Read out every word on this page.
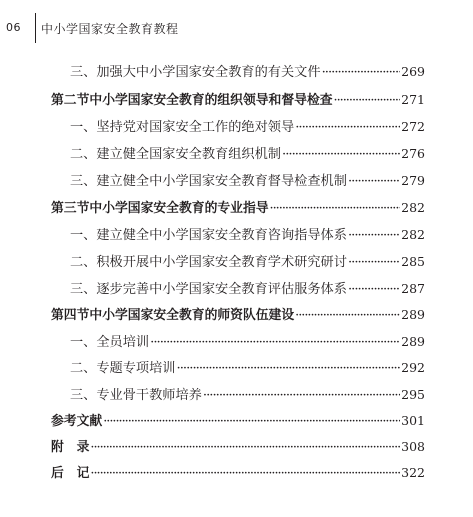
06 中小学国家安全教育教程
三、加强大中小学国家安全教育的有关文件 ·····	269
第二节 中小学国家安全教育的组织领导和督导检查 ·····	271
一、坚持党对国家安全工作的绝对领导 ·····	272
二、建立健全国家安全教育组织机制 ·····	276
三、建立健全中小学国家安全教育督导检查机制 ·····	279
第三节 中小学国家安全教育的专业指导 ·····	282
一、建立健全中小学国家安全教育咨询指导体系 ·····	282
二、积极开展中小学国家安全教育学术研究研讨 ·····	285
三、逐步完善中小学国家安全教育评估服务体系 ·····	287
第四节 中小学国家安全教育的师资队伍建设 ·····	289
一、全员培训 ·····	289
二、专题专项培训 ·····	292
三、专业骨干教师培养 ·····	295
参考文献 ·····	301
附　录 ·····	308
后　记 ·····	322
